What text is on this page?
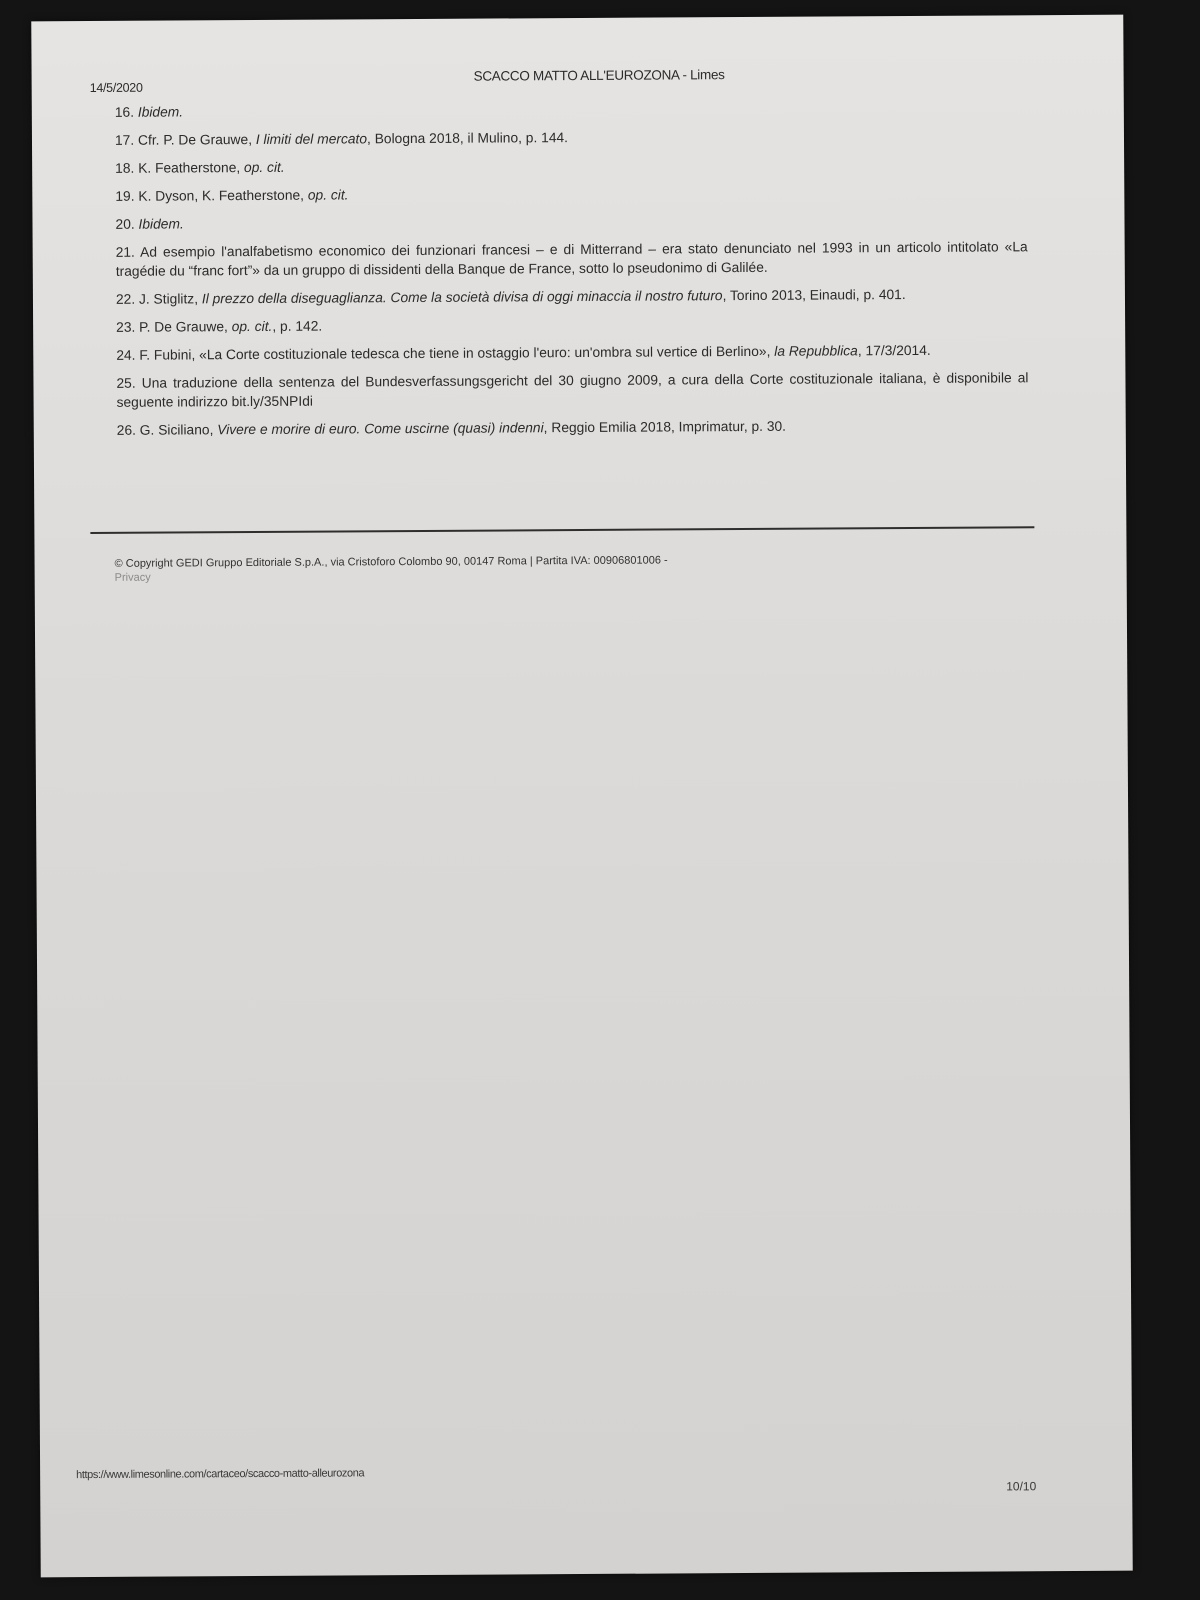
14/5/2020
SCACCO MATTO ALL'EUROZONA - Limes
16. Ibidem.
17. Cfr. P. De Grauwe, I limiti del mercato, Bologna 2018, il Mulino, p. 144.
18. K. Featherstone, op. cit.
19. K. Dyson, K. Featherstone, op. cit.
20. Ibidem.
21. Ad esempio l'analfabetismo economico dei funzionari francesi – e di Mitterrand – era stato denunciato nel 1993 in un articolo intitolato «La tragédie du “franc fort”» da un gruppo di dissidenti della Banque de France, sotto lo pseudonimo di Galilée.
22. J. Stiglitz, Il prezzo della diseguaglianza. Come la società divisa di oggi minaccia il nostro futuro, Torino 2013, Einaudi, p. 401.
23. P. De Grauwe, op. cit., p. 142.
24. F. Fubini, «La Corte costituzionale tedesca che tiene in ostaggio l'euro: un'ombra sul vertice di Berlino», la Repubblica, 17/3/2014.
25. Una traduzione della sentenza del Bundesverfassungsgericht del 30 giugno 2009, a cura della Corte costituzionale italiana, è disponibile al seguente indirizzo bit.ly/35NPIdi
26. G. Siciliano, Vivere e morire di euro. Come uscirne (quasi) indenni, Reggio Emilia 2018, Imprimatur, p. 30.
© Copyright GEDI Gruppo Editoriale S.p.A., via Cristoforo Colombo 90, 00147 Roma | Partita IVA: 00906801006 - Privacy
https://www.limesonline.com/cartaceo/scacco-matto-alleurozona
10/10
